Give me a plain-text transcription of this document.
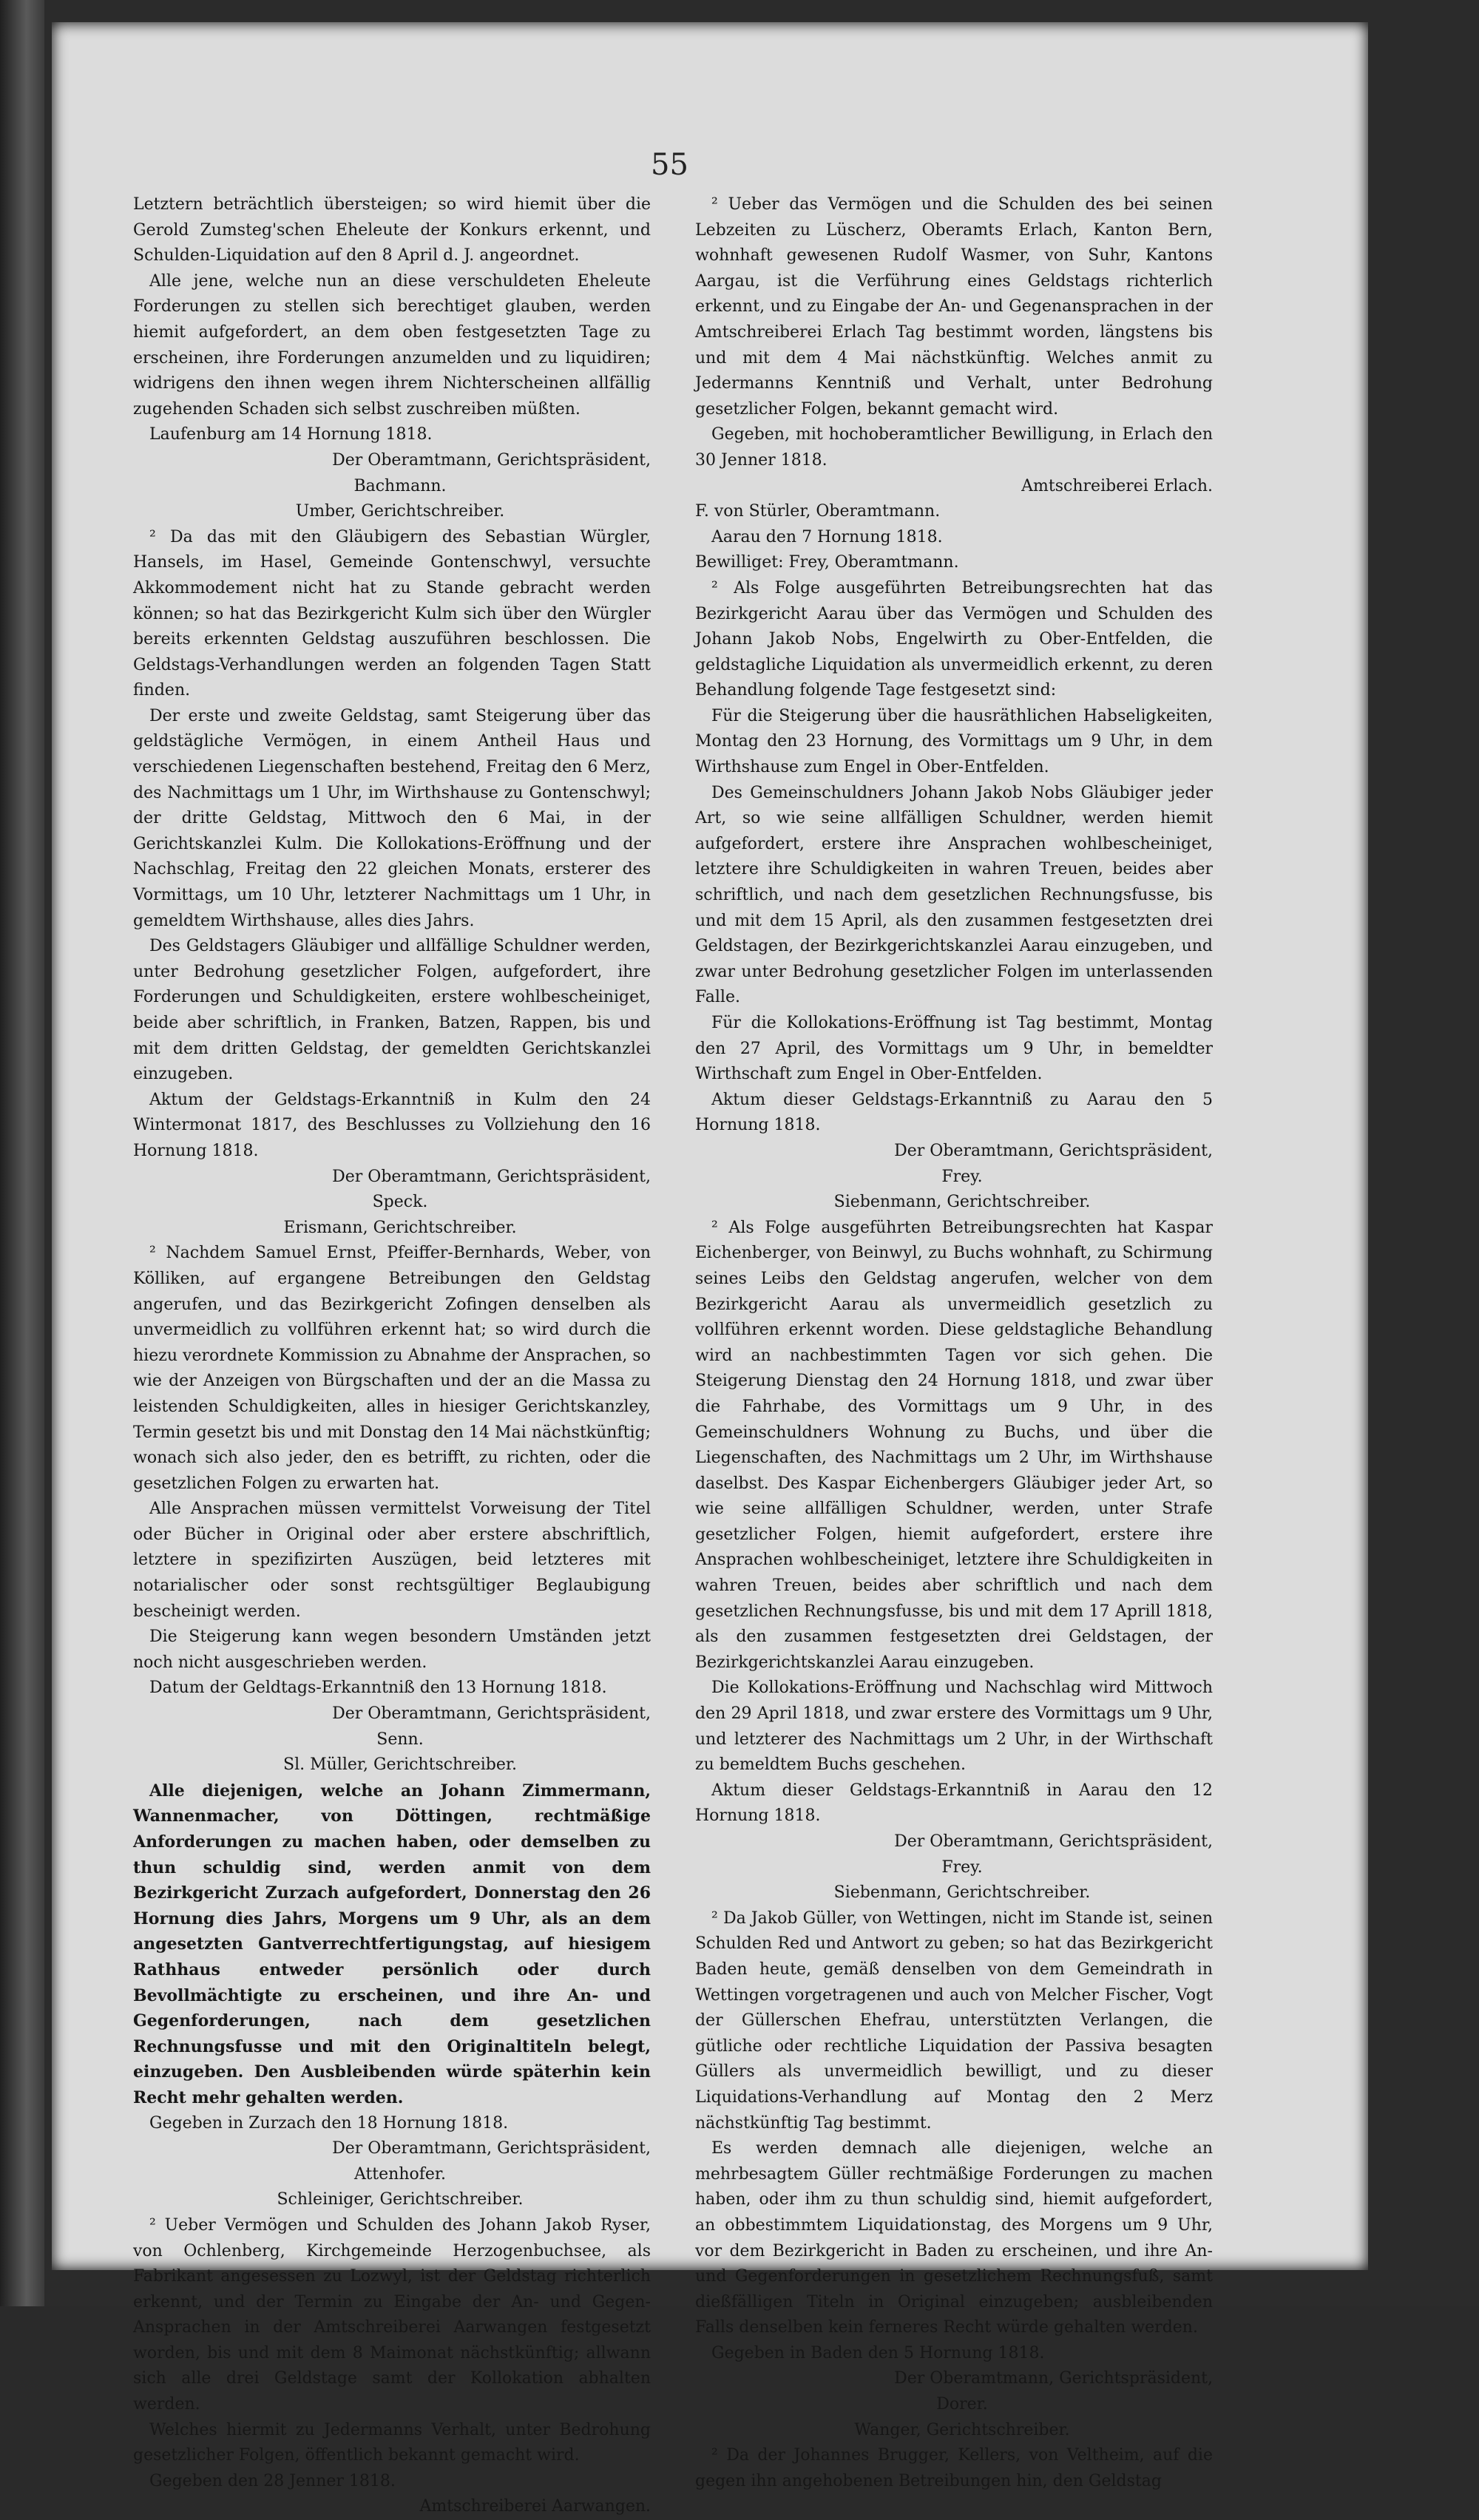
55

Letztern beträchtlich übersteigen; so wird hiemit über die Gerold Zumsteg'schen Eheleute der Konkurs erkennt, und Schulden-Liquidation auf den 8 April d. J. angeordnet.

Alle jene, welche nun an diese verschuldeten Eheleute Forderungen zu stellen sich berechtiget glauben, werden hiemit aufgefordert, an dem oben festgesetzten Tage zu erscheinen, ihre Forderungen anzumelden und zu liquidiren; widrigens den ihnen wegen ihrem Nichterscheinen allfällig zugehenden Schaden sich selbst zuschreiben müßten.

Laufenburg am 14 Hornung 1818.

Der Oberamtmann, Gerichtspräsident,

Bachmann.

Umber, Gerichtschreiber.

² Da das mit den Gläubigern des Sebastian Würgler, Hansels, im Hasel, Gemeinde Gontenschwyl, versuchte Akkommodement nicht hat zu Stande gebracht werden können; so hat das Bezirkgericht Kulm sich über den Würgler bereits erkennten Geldstag auszuführen beschlossen. Die Geldstags-Verhandlungen werden an folgenden Tagen Statt finden.

Der erste und zweite Geldstag, samt Steigerung über das geldstägliche Vermögen, in einem Antheil Haus und verschiedenen Liegenschaften bestehend, Freitag den 6 Merz, des Nachmittags um 1 Uhr, im Wirthshause zu Gontenschwyl; der dritte Geldstag, Mittwoch den 6 Mai, in der Gerichtskanzlei Kulm. Die Kollokations-Eröffnung und der Nachschlag, Freitag den 22 gleichen Monats, ersterer des Vormittags, um 10 Uhr, letzterer Nachmittags um 1 Uhr, in gemeldtem Wirthshause, alles dies Jahrs.

Des Geldstagers Gläubiger und allfällige Schuldner werden, unter Bedrohung gesetzlicher Folgen, aufgefordert, ihre Forderungen und Schuldigkeiten, erstere wohlbescheiniget, beide aber schriftlich, in Franken, Batzen, Rappen, bis und mit dem dritten Geldstag, der gemeldten Gerichtskanzlei einzugeben.

Aktum der Geldstags-Erkanntniß in Kulm den 24 Wintermonat 1817, des Beschlusses zu Vollziehung den 16 Hornung 1818.

Der Oberamtmann, Gerichtspräsident,

Speck.

Erismann, Gerichtschreiber.

² Nachdem Samuel Ernst, Pfeiffer-Bernhards, Weber, von Kölliken, auf ergangene Betreibungen den Geldstag angerufen, und das Bezirkgericht Zofingen denselben als unvermeidlich zu vollführen erkennt hat; so wird durch die hiezu verordnete Kommission zu Abnahme der Ansprachen, so wie der Anzeigen von Bürgschaften und der an die Massa zu leistenden Schuldigkeiten, alles in hiesiger Gerichtskanzley, Termin gesetzt bis und mit Donstag den 14 Mai nächstkünftig; wonach sich also jeder, den es betrifft, zu richten, oder die gesetzlichen Folgen zu erwarten hat.

Alle Ansprachen müssen vermittelst Vorweisung der Titel oder Bücher in Original oder aber erstere abschriftlich, letztere in spezifizirten Auszügen, beid letzteres mit notarialischer oder sonst rechtsgültiger Beglaubigung bescheinigt werden.

Die Steigerung kann wegen besondern Umständen jetzt noch nicht ausgeschrieben werden.

Datum der Geldtags-Erkanntniß den 13 Hornung 1818.

Der Oberamtmann, Gerichtspräsident,

Senn.

Sl. Müller, Gerichtschreiber.

Alle diejenigen, welche an Johann Zimmermann, Wannenmacher, von Döttingen, rechtmäßige Anforderungen zu machen haben, oder demselben zu thun schuldig sind, werden anmit von dem Bezirkgericht Zurzach aufgefordert, Donnerstag den 26 Hornung dies Jahrs, Morgens um 9 Uhr, als an dem angesetzten Gantverrechtfertigungstag, auf hiesigem Rathhaus entweder persönlich oder durch Bevollmächtigte zu erscheinen, und ihre An- und Gegenforderungen, nach dem gesetzlichen Rechnungsfusse und mit den Originaltiteln belegt, einzugeben. Den Ausbleibenden würde späterhin kein Recht mehr gehalten werden.

Gegeben in Zurzach den 18 Hornung 1818.

Der Oberamtmann, Gerichtspräsident,

Attenhofer.

Schleiniger, Gerichtschreiber.

² Ueber Vermögen und Schulden des Johann Jakob Ryser, von Ochlenberg, Kirchgemeinde Herzogenbuchsee, als Fabrikant angesessen zu Lozwyl, ist der Geldstag richterlich erkennt, und der Termin zu Eingabe der An- und Gegen-Ansprachen in der Amtschreiberei Aarwangen festgesetzt worden, bis und mit dem 8 Maimonat nächstkünftig; allwann sich alle drei Geldstage samt der Kollokation abhalten werden.

Welches hiermit zu Jedermanns Verhalt, unter Bedrohung gesetzlicher Folgen, öffentlich bekannt gemacht wird.

Gegeben den 28 Jenner 1818.

Amtschreiberei Aarwangen.

² Ueber das Vermögen und die Schulden des bei seinen Lebzeiten zu Lüscherz, Oberamts Erlach, Kanton Bern, wohnhaft gewesenen Rudolf Wasmer, von Suhr, Kantons Aargau, ist die Verführung eines Geldstags richterlich erkennt, und zu Eingabe der An- und Gegenansprachen in der Amtschreiberei Erlach Tag bestimmt worden, längstens bis und mit dem 4 Mai nächstkünftig. Welches anmit zu Jedermanns Kenntniß und Verhalt, unter Bedrohung gesetzlicher Folgen, bekannt gemacht wird.

Gegeben, mit hochoberamtlicher Bewilligung, in Erlach den 30 Jenner 1818.

Amtschreiberei Erlach.

F. von Stürler, Oberamtmann.

Aarau den 7 Hornung 1818.

Bewilliget: Frey, Oberamtmann.

² Als Folge ausgeführten Betreibungsrechten hat das Bezirkgericht Aarau über das Vermögen und Schulden des Johann Jakob Nobs, Engelwirth zu Ober-Entfelden, die geldstagliche Liquidation als unvermeidlich erkennt, zu deren Behandlung folgende Tage festgesetzt sind:

Für die Steigerung über die hausräthlichen Habseligkeiten, Montag den 23 Hornung, des Vormittags um 9 Uhr, in dem Wirthshause zum Engel in Ober-Entfelden.

Des Gemeinschuldners Johann Jakob Nobs Gläubiger jeder Art, so wie seine allfälligen Schuldner, werden hiemit aufgefordert, erstere ihre Ansprachen wohlbescheiniget, letztere ihre Schuldigkeiten in wahren Treuen, beides aber schriftlich, und nach dem gesetzlichen Rechnungsfusse, bis und mit dem 15 April, als den zusammen festgesetzten drei Geldstagen, der Bezirkgerichtskanzlei Aarau einzugeben, und zwar unter Bedrohung gesetzlicher Folgen im unterlassenden Falle.

Für die Kollokations-Eröffnung ist Tag bestimmt, Montag den 27 April, des Vormittags um 9 Uhr, in bemeldter Wirthschaft zum Engel in Ober-Entfelden.

Aktum dieser Geldstags-Erkanntniß zu Aarau den 5 Hornung 1818.

Der Oberamtmann, Gerichtspräsident,

Frey.

Siebenmann, Gerichtschreiber.

² Als Folge ausgeführten Betreibungsrechten hat Kaspar Eichenberger, von Beinwyl, zu Buchs wohnhaft, zu Schirmung seines Leibs den Geldstag angerufen, welcher von dem Bezirkgericht Aarau als unvermeidlich gesetzlich zu vollführen erkennt worden. Diese geldstagliche Behandlung wird an nachbestimmten Tagen vor sich gehen. Die Steigerung Dienstag den 24 Hornung 1818, und zwar über die Fahrhabe, des Vormittags um 9 Uhr, in des Gemeinschuldners Wohnung zu Buchs, und über die Liegenschaften, des Nachmittags um 2 Uhr, im Wirthshause daselbst. Des Kaspar Eichenbergers Gläubiger jeder Art, so wie seine allfälligen Schuldner, werden, unter Strafe gesetzlicher Folgen, hiemit aufgefordert, erstere ihre Ansprachen wohlbescheiniget, letztere ihre Schuldigkeiten in wahren Treuen, beides aber schriftlich und nach dem gesetzlichen Rechnungsfusse, bis und mit dem 17 Aprill 1818, als den zusammen festgesetzten drei Geldstagen, der Bezirkgerichtskanzlei Aarau einzugeben.

Die Kollokations-Eröffnung und Nachschlag wird Mittwoch den 29 April 1818, und zwar erstere des Vormittags um 9 Uhr, und letzterer des Nachmittags um 2 Uhr, in der Wirthschaft zu bemeldtem Buchs geschehen.

Aktum dieser Geldstags-Erkanntniß in Aarau den 12 Hornung 1818.

Der Oberamtmann, Gerichtspräsident,

Frey.

Siebenmann, Gerichtschreiber.

² Da Jakob Güller, von Wettingen, nicht im Stande ist, seinen Schulden Red und Antwort zu geben; so hat das Bezirkgericht Baden heute, gemäß denselben von dem Gemeindrath in Wettingen vorgetragenen und auch von Melcher Fischer, Vogt der Güllerschen Ehefrau, unterstützten Verlangen, die gütliche oder rechtliche Liquidation der Passiva besagten Güllers als unvermeidlich bewilligt, und zu dieser Liquidations-Verhandlung auf Montag den 2 Merz nächstkünftig Tag bestimmt.

Es werden demnach alle diejenigen, welche an mehrbesagtem Güller rechtmäßige Forderungen zu machen haben, oder ihm zu thun schuldig sind, hiemit aufgefordert, an obbestimmtem Liquidationstag, des Morgens um 9 Uhr, vor dem Bezirkgericht in Baden zu erscheinen, und ihre An- und Gegenforderungen in gesetzlichem Rechnungsfuß, samt dießfälligen Titeln in Original einzugeben; ausbleibenden Falls denselben kein ferneres Recht würde gehalten werden.

Gegeben in Baden den 5 Hornung 1818.

Der Oberamtmann, Gerichtspräsident,

Dorer.

Wanger, Gerichtschreiber.

² Da der Johannes Brugger, Kellers, von Veltheim, auf die gegen ihn angehobenen Betreibungen hin, den Geldstag
